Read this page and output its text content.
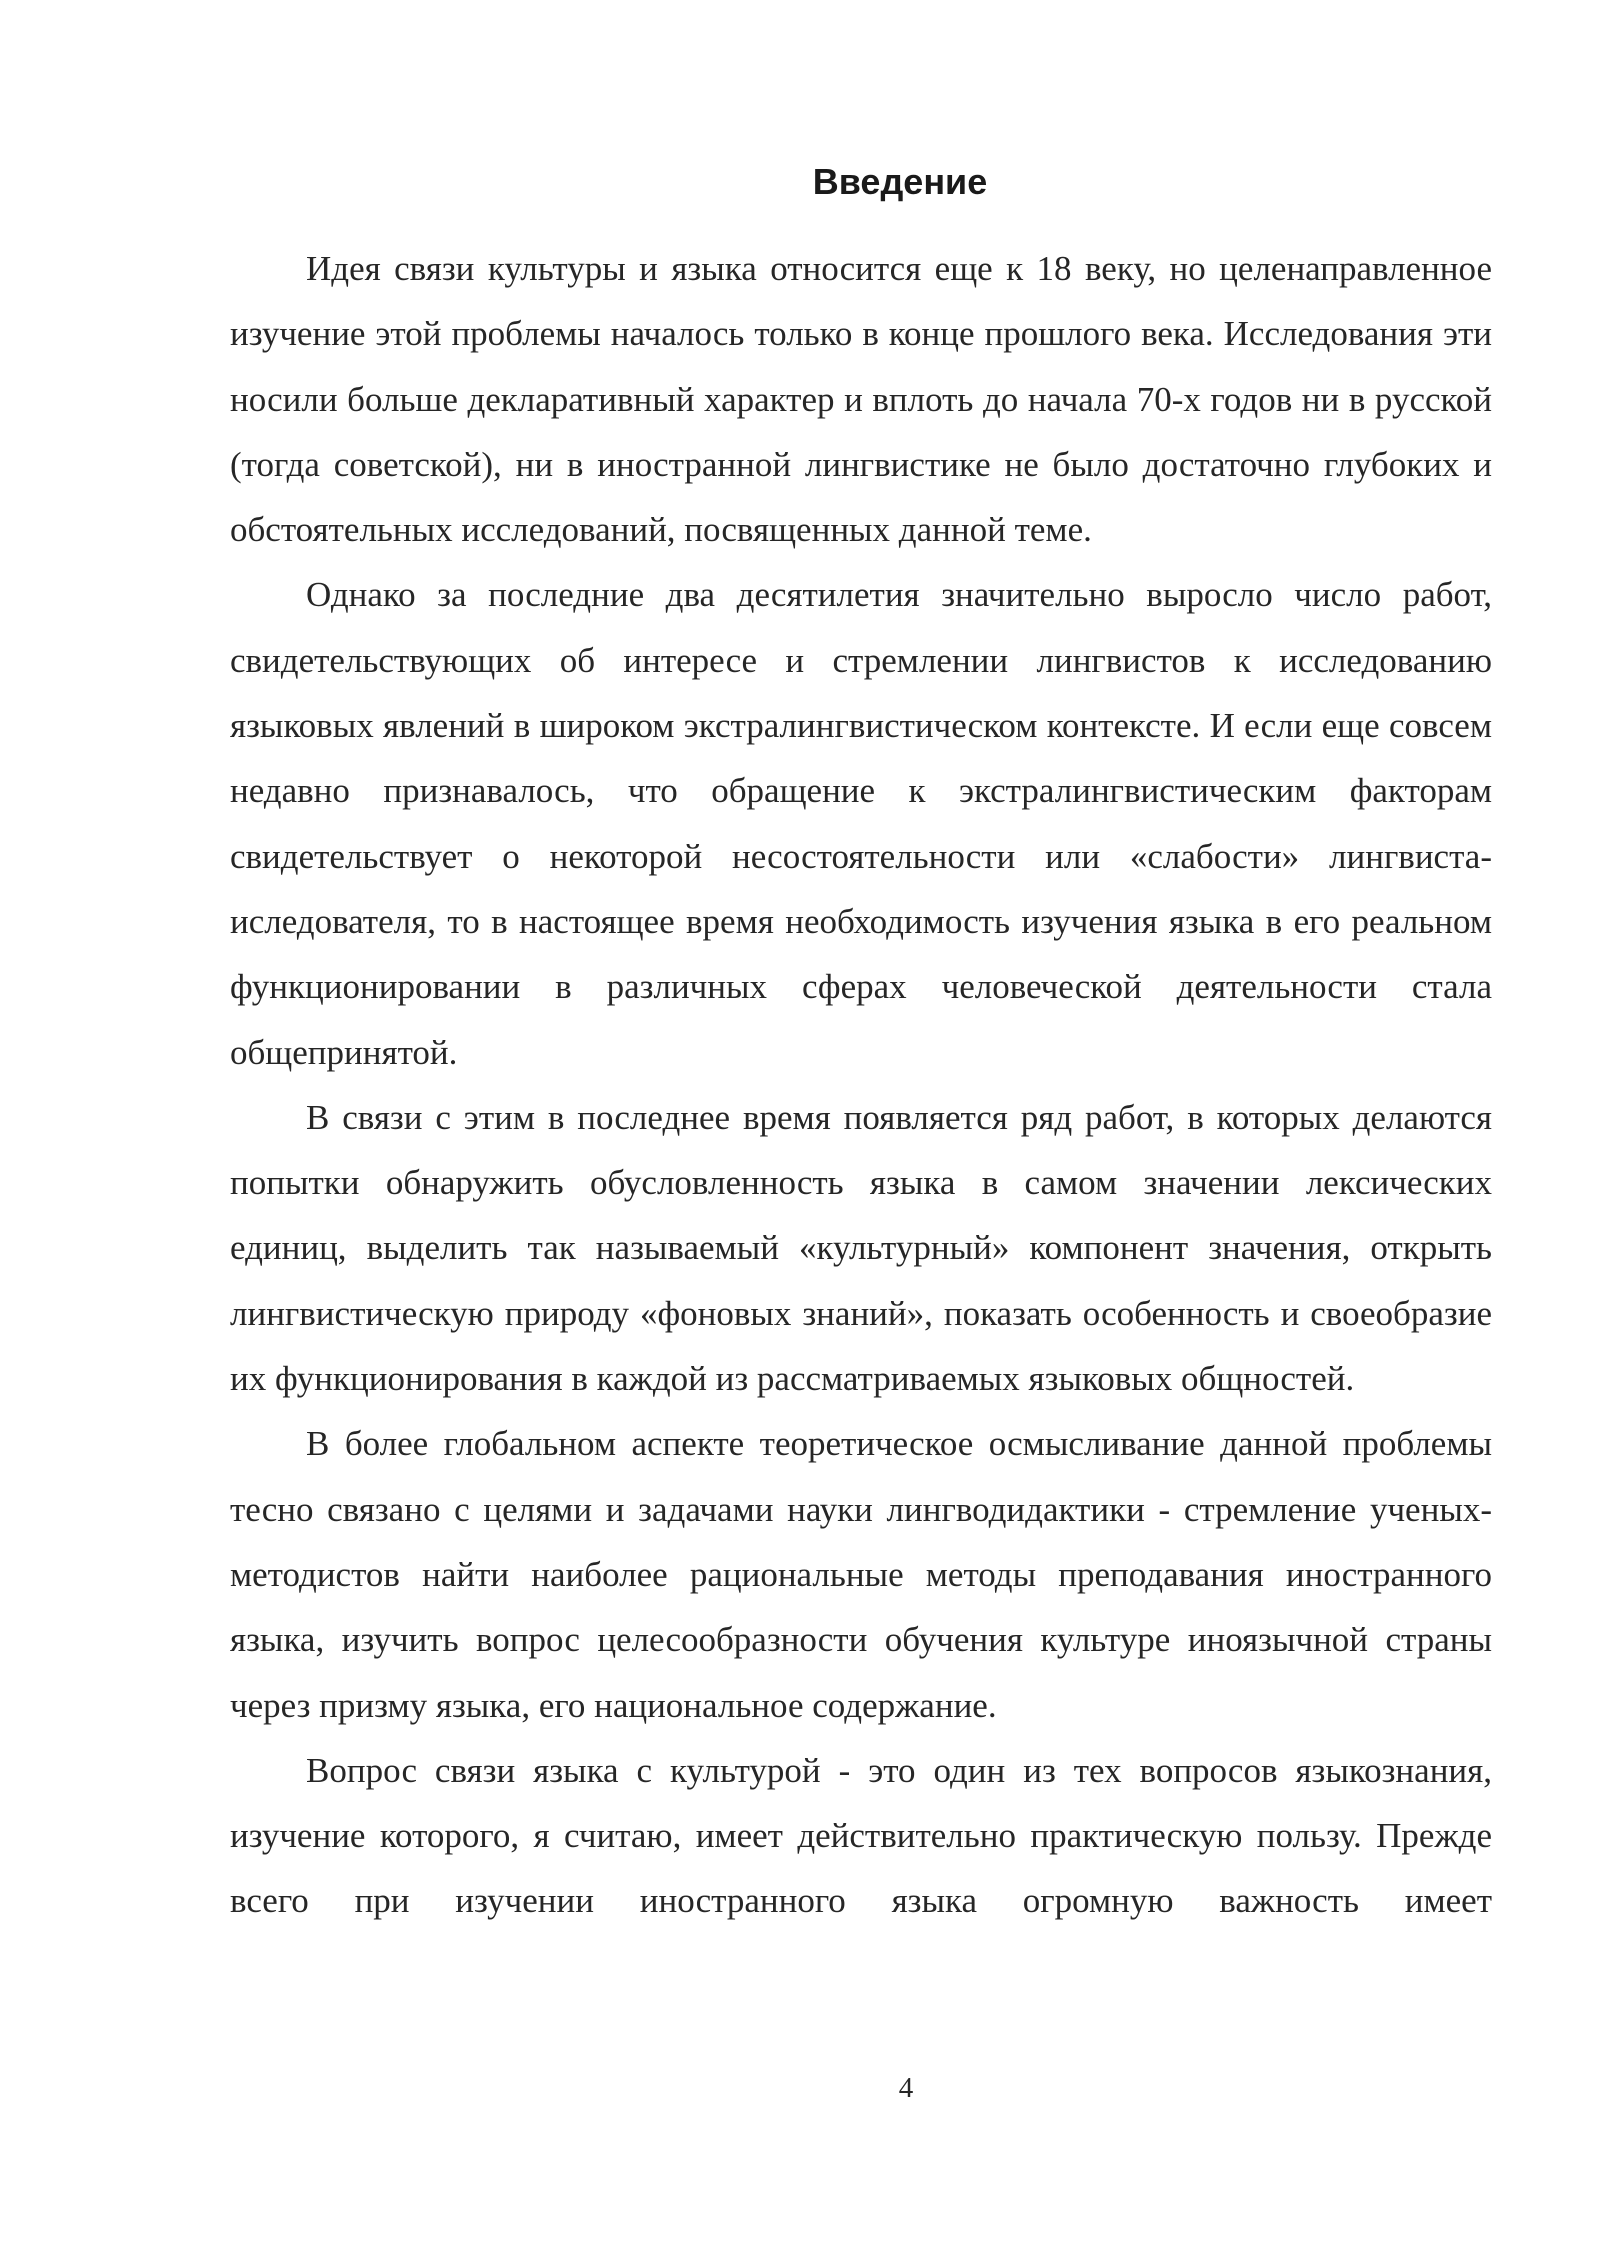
Введение

Идея связи культуры и языка относится еще к 18 веку, но целенаправленное изучение этой проблемы началось только в конце прошлого века. Исследования эти носили больше декларативный характер и вплоть до начала 70-х годов ни в русской (тогда советской), ни в иностранной лингвистике не было достаточно глубоких и обстоятельных исследований, посвященных данной теме.

Однако за последние два десятилетия значительно выросло число работ, свидетельствующих об интересе и стремлении лингвистов к исследованию языковых явлений в широком экстралингвистическом контексте. И если еще совсем недавно признавалось, что обращение к экстралингвистическим факторам свидетельствует о некоторой несостоятельности или «слабости» лингвиста-иследователя, то в настоящее время необходимость изучения языка в его реальном функционировании в различных сферах человеческой деятельности стала общепринятой.

В связи с этим в последнее время появляется ряд работ, в которых делаются попытки обнаружить обусловленность языка в самом значении лексических единиц, выделить так называемый «культурный» компонент значения, открыть лингвистическую природу «фоновых знаний», показать особенность и своеобразие их функционирования в каждой из рассматриваемых языковых общностей.

В более глобальном аспекте теоретическое осмысливание данной проблемы тесно связано с целями и задачами науки лингводидактики - стремление ученых-методистов найти наиболее рациональные методы преподавания иностранного языка, изучить вопрос целесообразности обучения культуре иноязычной страны через призму языка, его национальное содержание.

Вопрос связи языка с культурой - это один из тех вопросов языкознания, изучение которого, я считаю, имеет действительно практическую пользу. Прежде всего при изучении иностранного языка огромную важность имеет

4
